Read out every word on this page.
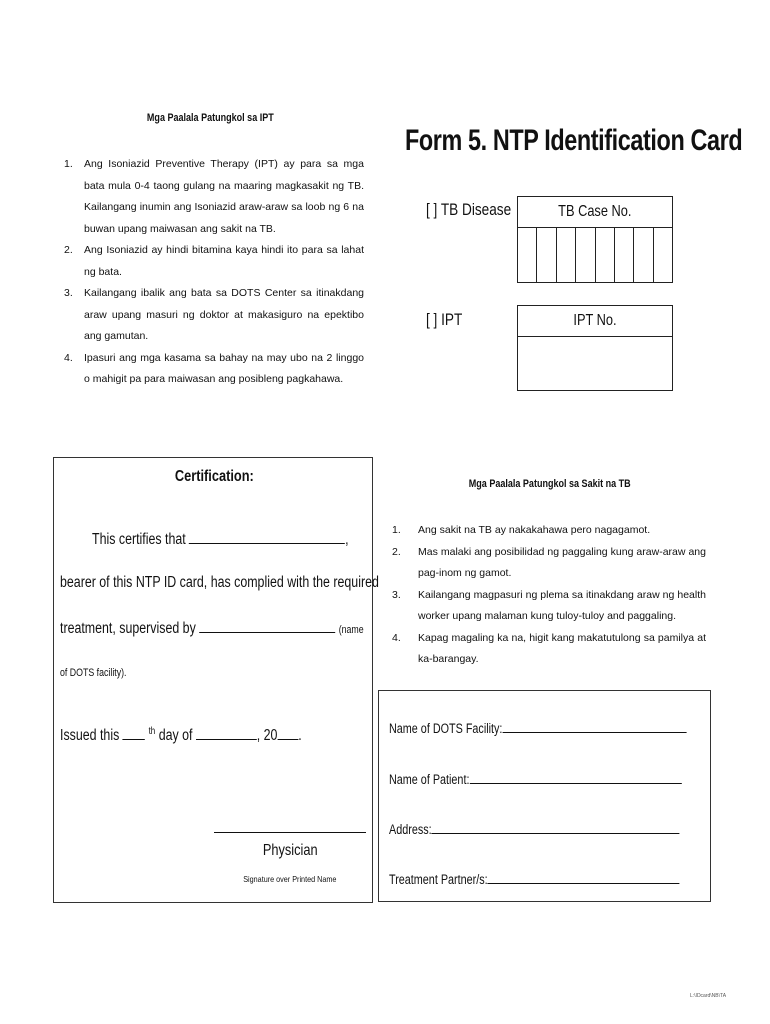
Mga Paalala Patungkol sa IPT
1. Ang Isoniazid Preventive Therapy (IPT) ay para sa mga bata mula 0-4 taong gulang na maaring magkasakit ng TB. Kailangang inumin ang Isoniazid araw-araw sa loob ng 6 na buwan upang maiwasan ang sakit na TB.
2. Ang Isoniazid ay hindi bitamina kaya hindi ito para sa lahat ng bata.
3. Kailangang ibalik ang bata sa DOTS Center sa itinakdang araw upang masuri ng doktor at makasiguro na epektibo ang gamutan.
4. Ipasuri ang mga kasama sa bahay na may ubo na 2 linggo o mahigit pa para maiwasan ang posibleng pagkahawa.
Form 5. NTP Identification Card
[ ] TB Disease	TB Case No.
[ ] IPT	IPT No.
Certification:
This certifies that	,
bearer of this NTP ID card, has complied with the required
treatment, supervised by	(name
of DOTS facility).
Issued this	$^{th}$ day of	, 20 .
Physician
Signature over Printed Name
Mga Paalala Patungkol sa Sakit na TB
1. Ang sakit na TB ay nakakahawa pero nagagamot.
2. Mas malaki ang posibilidad ng paggaling kung araw-araw ang pag-inom ng gamot.
3. Kailangang magpasuri ng plema sa itinakdang araw ng health worker upang malaman kung tuloy-tuloy and paggaling.
4. Kapag magaling ka na, higit kang makatutulong sa pamilya at ka-barangay.
Name of DOTS Facility:
Name of Patient:
Address:
Treatment Partner/s:
L:\IDcard\NB\TA
